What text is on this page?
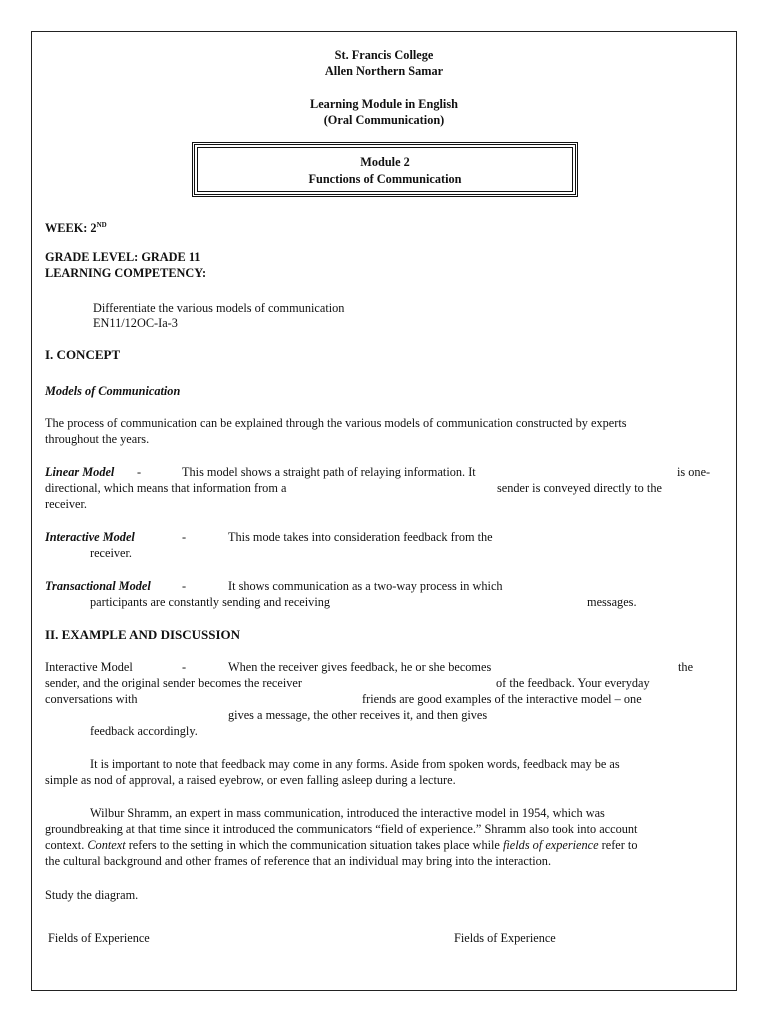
St. Francis College
Allen Northern Samar
Learning Module in English
(Oral Communication)
Module 2
Functions of Communication
WEEK: 2ND
GRADE LEVEL: GRADE 11
LEARNING COMPETENCY:
Differentiate the various models of communication
EN11/12OC-Ia-3
I. CONCEPT
Models of Communication
The process of communication can be explained through the various models of communication constructed by experts
throughout the years.
Linear Model -	This model shows a straight path of relaying information. It	is one-
directional, which means that information from a	sender is conveyed directly to the
receiver.
Interactive Model	-	This mode takes into consideration feedback from the
receiver.
Transactional Model	-	It shows communication as a two-way process in which
participants are constantly sending and receiving	messages.
II. EXAMPLE AND DISCUSSION
Interactive Model	-	When the receiver gives feedback, he or she becomes	the
sender, and the original sender becomes the receiver	of the feedback. Your everyday
conversations with	friends are good examples of the interactive model – one
gives a message, the other receives it, and then gives
feedback accordingly.
It is important to note that feedback may come in any forms. Aside from spoken words, feedback may be as
simple as nod of approval, a raised eyebrow, or even falling asleep during a lecture.
Wilbur Shramm, an expert in mass communication, introduced the interactive model in 1954, which was
groundbreaking at that time since it introduced the communicators “field of experience.” Shramm also took into account
context. Context refers to the setting in which the communication situation takes place while fields of experience refer to
the cultural background and other frames of reference that an individual may bring into the interaction.
Study the diagram.
Fields of Experience	Fields of Experience
